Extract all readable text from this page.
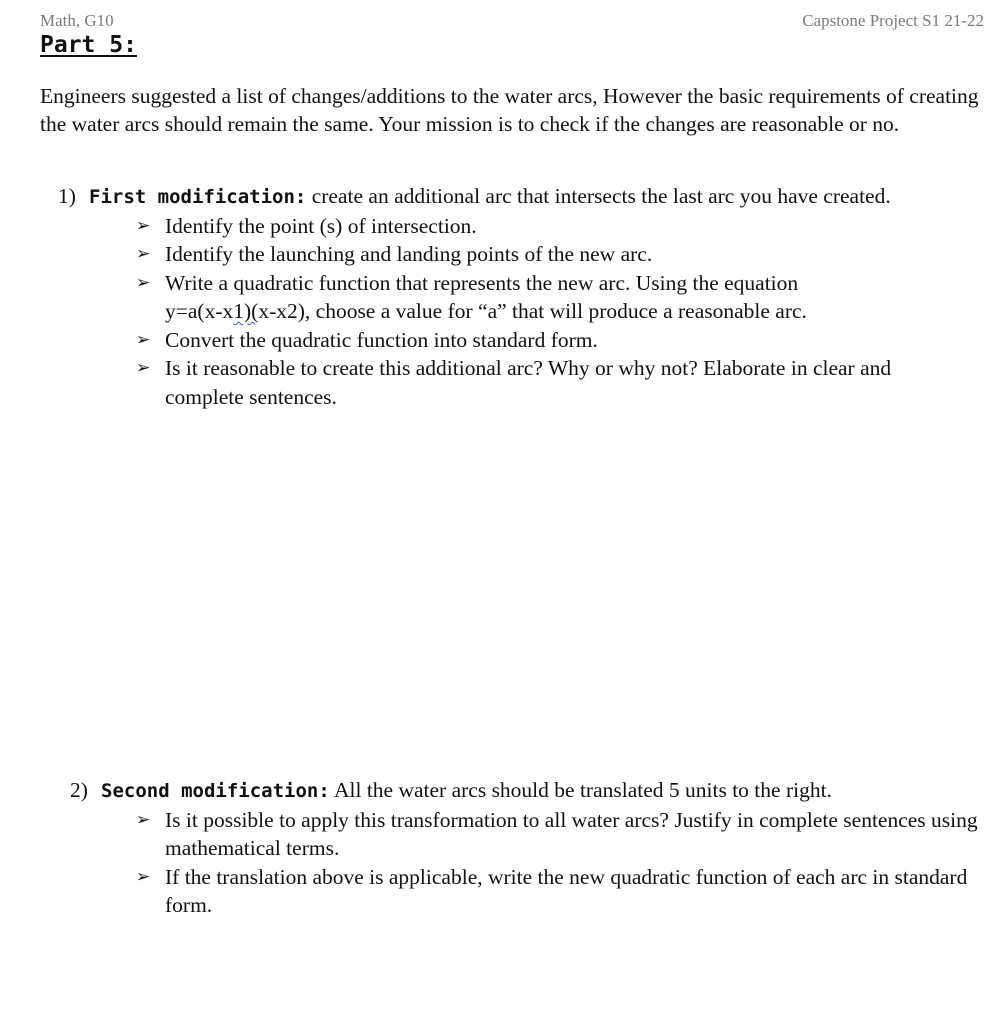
Math, G10	Capstone Project S1 21-22
Part 5:
Engineers suggested a list of changes/additions to the water arcs, However the basic requirements of creating the water arcs should remain the same. Your mission is to check if the changes are reasonable or no.
1) First modification: create an additional arc that intersects the last arc you have created.
➢ Identify the point (s) of intersection.
➢ Identify the launching and landing points of the new arc.
➢ Write a quadratic function that represents the new arc. Using the equation
y=a(x-x1)(x-x2), choose a value for “a” that will produce a reasonable arc.
➢ Convert the quadratic function into standard form.
➢ Is it reasonable to create this additional arc? Why or why not? Elaborate in clear and complete sentences.
2) Second modification: All the water arcs should be translated 5 units to the right.
➢ Is it possible to apply this transformation to all water arcs? Justify in complete sentences using mathematical terms.
➢ If the translation above is applicable, write the new quadratic function of each arc in standard form.
